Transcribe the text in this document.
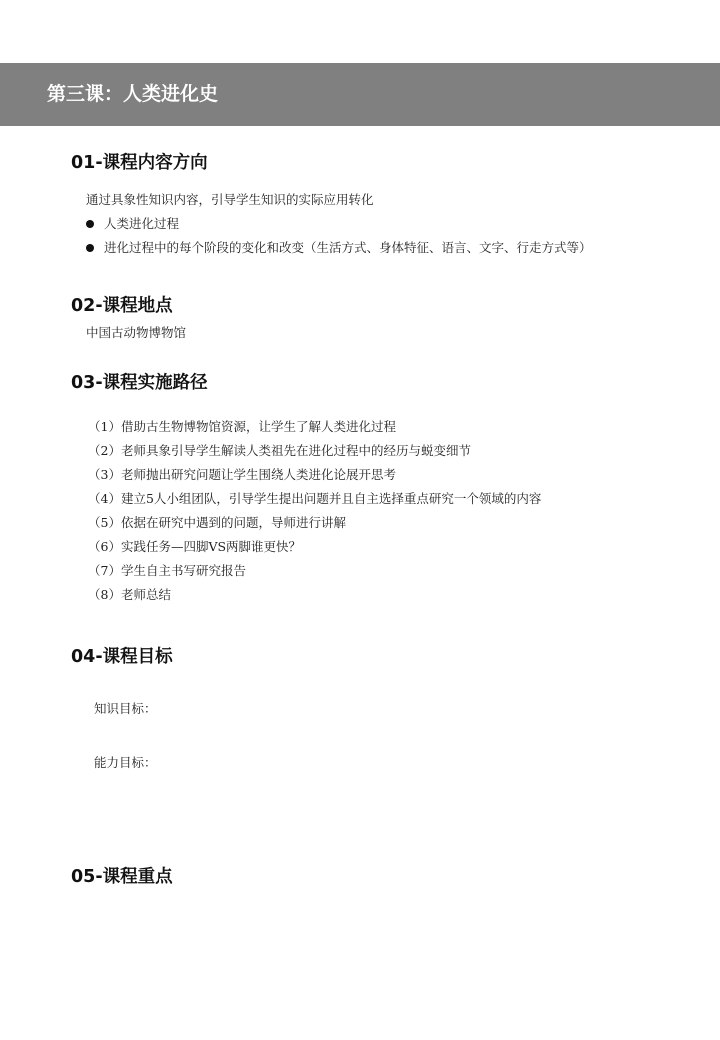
第三课：人类进化史
01-课程内容方向
通过具象性知识内容，引导学生知识的实际应用转化
人类进化过程
进化过程中的每个阶段的变化和改变（生活方式、身体特征、语言、文字、行走方式等）
02-课程地点
中国古动物博物馆
03-课程实施路径
（1）借助古生物博物馆资源，让学生了解人类进化过程
（2）老师具象引导学生解读人类祖先在进化过程中的经历与蜕变细节
（3）老师抛出研究问题让学生围绕人类进化论展开思考
（4）建立5人小组团队，引导学生提出问题并且自主选择重点研究一个领域的内容
（5）依据在研究中遇到的问题，导师进行讲解
（6）实践任务—四脚VS两脚谁更快？
（7）学生自主书写研究报告
（8）老师总结
04-课程目标
知识目标：
能力目标：
05-课程重点
